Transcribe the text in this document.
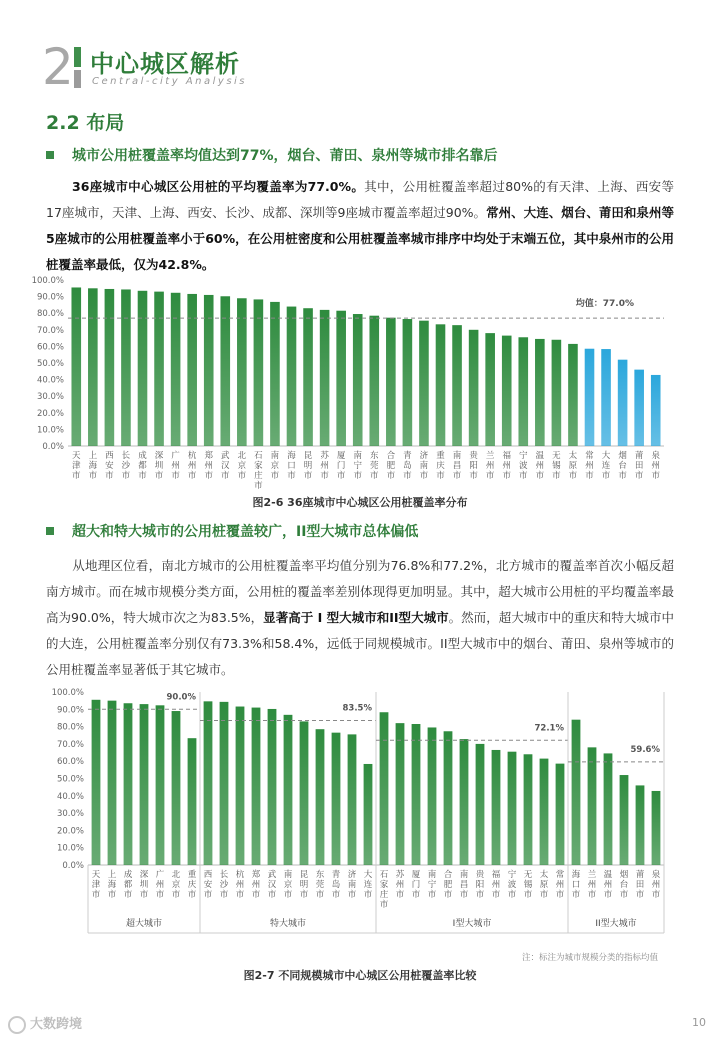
2 中心城区解析
Central-city Analysis
2.2 布局
城市公用桩覆盖率均值达到77%，烟台、莆田、泉州等城市排名靠后
36座城市中心城区公用桩的平均覆盖率为77.0%。其中，公用桩覆盖率超过80%的有天津、上海、西安等17座城市，天津、上海、西安、长沙、成都、深圳等9座城市覆盖率超过90%。常州、大连、烟台、莆田和泉州等5座城市的公用桩覆盖率小于60%，在公用桩密度和公用桩覆盖率城市排序中均处于末端五位，其中泉州市的公用桩覆盖率最低，仅为42.8%。
0.0%
10.0%
20.0%
30.0%
40.0%
50.0%
60.0%
70.0%
80.0%
90.0%
100.0%
天津市
上海市
西安市
长沙市
成都市
深圳市
广州市
杭州市
郑州市
武汉市
北京市
石家庄市
南京市
海口市
昆明市
苏州市
厦门市
南宁市
东莞市
合肥市
青岛市
济南市
重庆市
南昌市
贵阳市
兰州市
福州市
宁波市
温州市
无锡市
太原市
常州市
大连市
烟台市
莆田市
泉州市
均值：77.0%
图2-6 36座城市中心城区公用桩覆盖率分布
超大和特大城市的公用桩覆盖较广，II型大城市总体偏低
从地理区位看，南北方城市的公用桩覆盖率平均值分别为76.8%和77.2%，北方城市的覆盖率首次小幅反超南方城市。而在城市规模分类方面，公用桩的覆盖率差别体现得更加明显。其中，超大城市公用桩的平均覆盖率最高为90.0%，特大城市次之为83.5%，显著高于 I 型大城市和II型大城市。然而，超大城市中的重庆和特大城市中的大连，公用桩覆盖率分别仅有73.3%和58.4%，远低于同规模城市。II型大城市中的烟台、莆田、泉州等城市的公用桩覆盖率显著低于其它城市。
0.0%
10.0%
20.0%
30.0%
40.0%
50.0%
60.0%
70.0%
80.0%
90.0%
100.0%
天津市
上海市
成都市
深圳市
广州市
北京市
重庆市
90.0%
超大城市
西安市
长沙市
杭州市
郑州市
武汉市
南京市
昆明市
东莞市
青岛市
济南市
大连市
83.5%
特大城市
石家庄市
苏州市
厦门市
南宁市
合肥市
南昌市
贵阳市
福州市
宁波市
无锡市
太原市
常州市
72.1%
I型大城市
海口市
兰州市
温州市
烟台市
莆田市
泉州市
59.6%
II型大城市
注：标注为城市规模分类的指标均值
图2-7 不同规模城市中心城区公用桩覆盖率比较
大数跨境	10
